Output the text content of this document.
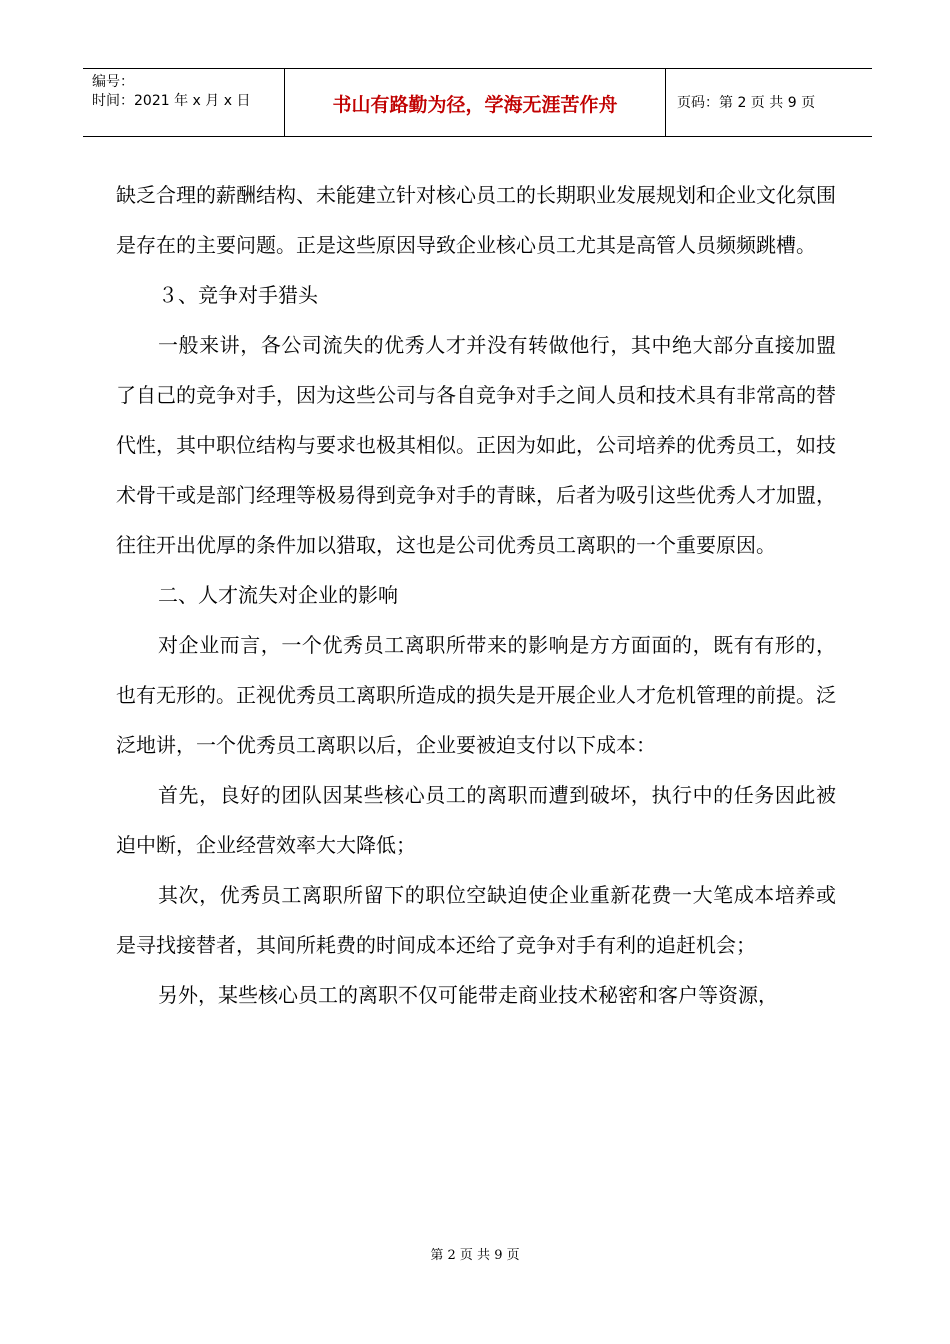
编号：
时间：2021 年 x 月 x 日	书山有路勤为径，学海无涯苦作舟	页码：第 2 页 共 9 页

缺乏合理的薪酬结构、未能建立针对核心员工的长期职业发展规划和企业文化氛围是存在的主要问题。正是这些原因导致企业核心员工尤其是高管人员频频跳槽。

３、竞争对手猎头

一般来讲，各公司流失的优秀人才并没有转做他行，其中绝大部分直接加盟了自己的竞争对手，因为这些公司与各自竞争对手之间人员和技术具有非常高的替代性，其中职位结构与要求也极其相似。正因为如此，公司培养的优秀员工，如技术骨干或是部门经理等极易得到竞争对手的青睐，后者为吸引这些优秀人才加盟，往往开出优厚的条件加以猎取，这也是公司优秀员工离职的一个重要原因。

二、人才流失对企业的影响

对企业而言，一个优秀员工离职所带来的影响是方方面面的，既有有形的，也有无形的。正视优秀员工离职所造成的损失是开展企业人才危机管理的前提。泛泛地讲，一个优秀员工离职以后，企业要被迫支付以下成本：

首先，良好的团队因某些核心员工的离职而遭到破坏，执行中的任务因此被迫中断，企业经营效率大大降低；

其次，优秀员工离职所留下的职位空缺迫使企业重新花费一大笔成本培养或是寻找接替者，其间所耗费的时间成本还给了竞争对手有利的追赶机会；

另外，某些核心员工的离职不仅可能带走商业技术秘密和客户等资源，

第 2 页 共 9 页
